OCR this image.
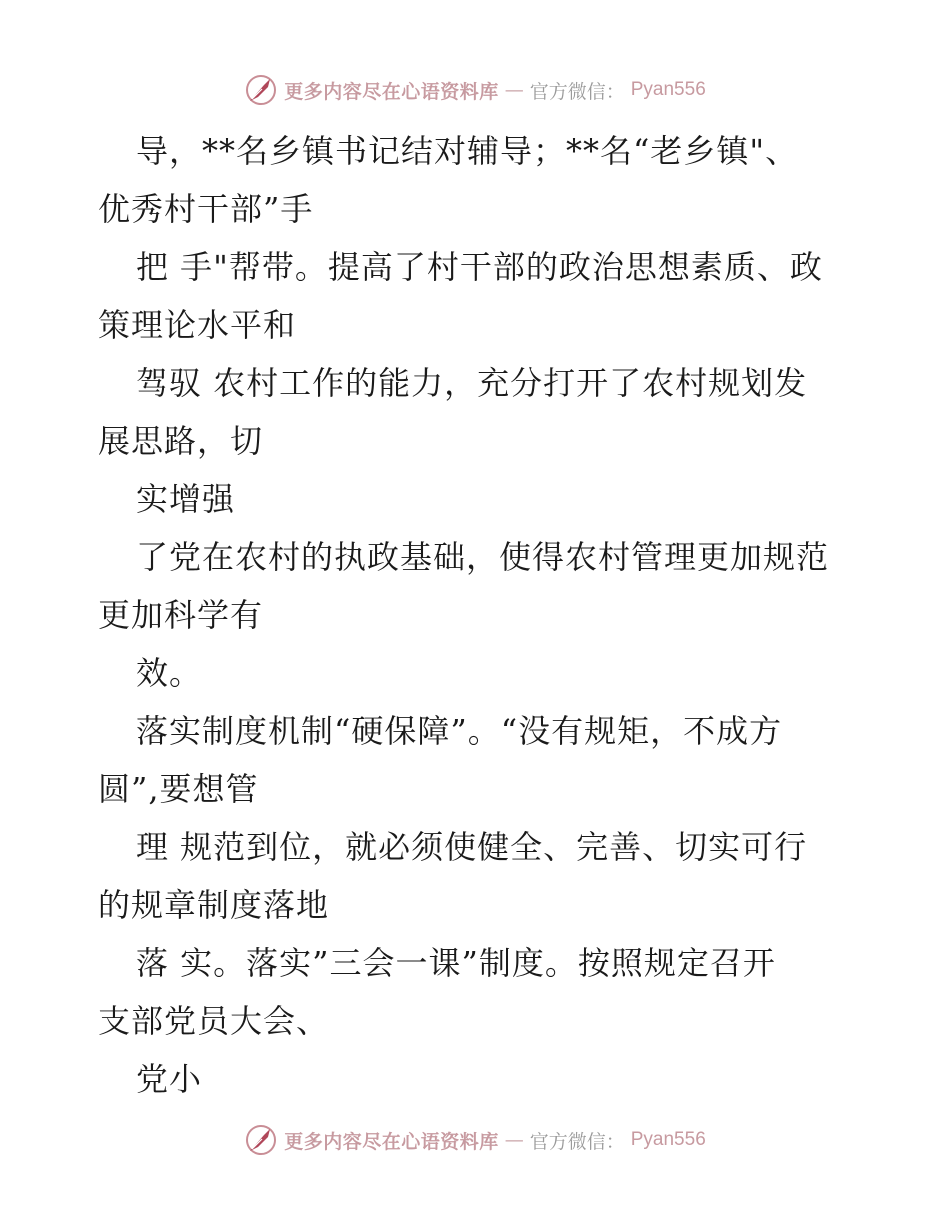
更多内容尽在心语资料库 — 官方微信： Pyan556
导，**名乡镇书记结对辅导；**名“老乡镇"、
优秀村干部”手
把 手"帮带。提高了村干部的政治思想素质、政
策理论水平和
驾驭 农村工作的能力，充分打开了农村规划发
展思路，切
实增强
了党在农村的执政基础，使得农村管理更加规范
更加科学有
效。
落实制度机制“硬保障”。“没有规矩，不成方
圆”,要想管
理 规范到位，就必须使健全、完善、切实可行
的规章制度落地
落 实。落实”三会一课”制度。按照规定召开
支部党员大会、
党小
更多内容尽在心语资料库 — 官方微信： Pyan556
